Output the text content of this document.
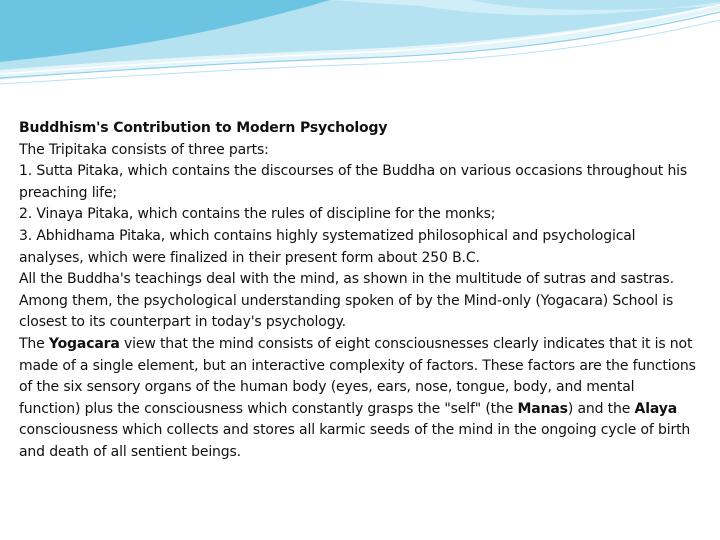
Buddhism's Contribution to Modern Psychology

The Tripitaka consists of three parts:

1. Sutta Pitaka, which contains the discourses of the Buddha on various occasions throughout his preaching life;

2. Vinaya Pitaka, which contains the rules of discipline for the monks;

3. Abhidhama Pitaka, which contains highly systematized philosophical and psychological analyses, which were finalized in their present form about 250 B.C.

All the Buddha's teachings deal with the mind, as shown in the multitude of sutras and sastras. Among them, the psychological understanding spoken of by the Mind-only (Yogacara) School is closest to its counterpart in today's psychology.

The Yogacara view that the mind consists of eight consciousnesses clearly indicates that it is not made of a single element, but an interactive complexity of factors. These factors are the functions of the six sensory organs of the human body (eyes, ears, nose, tongue, body, and mental function) plus the consciousness which constantly grasps the "self" (the Manas) and the Alaya consciousness which collects and stores all karmic seeds of the mind in the ongoing cycle of birth and death of all sentient beings.
